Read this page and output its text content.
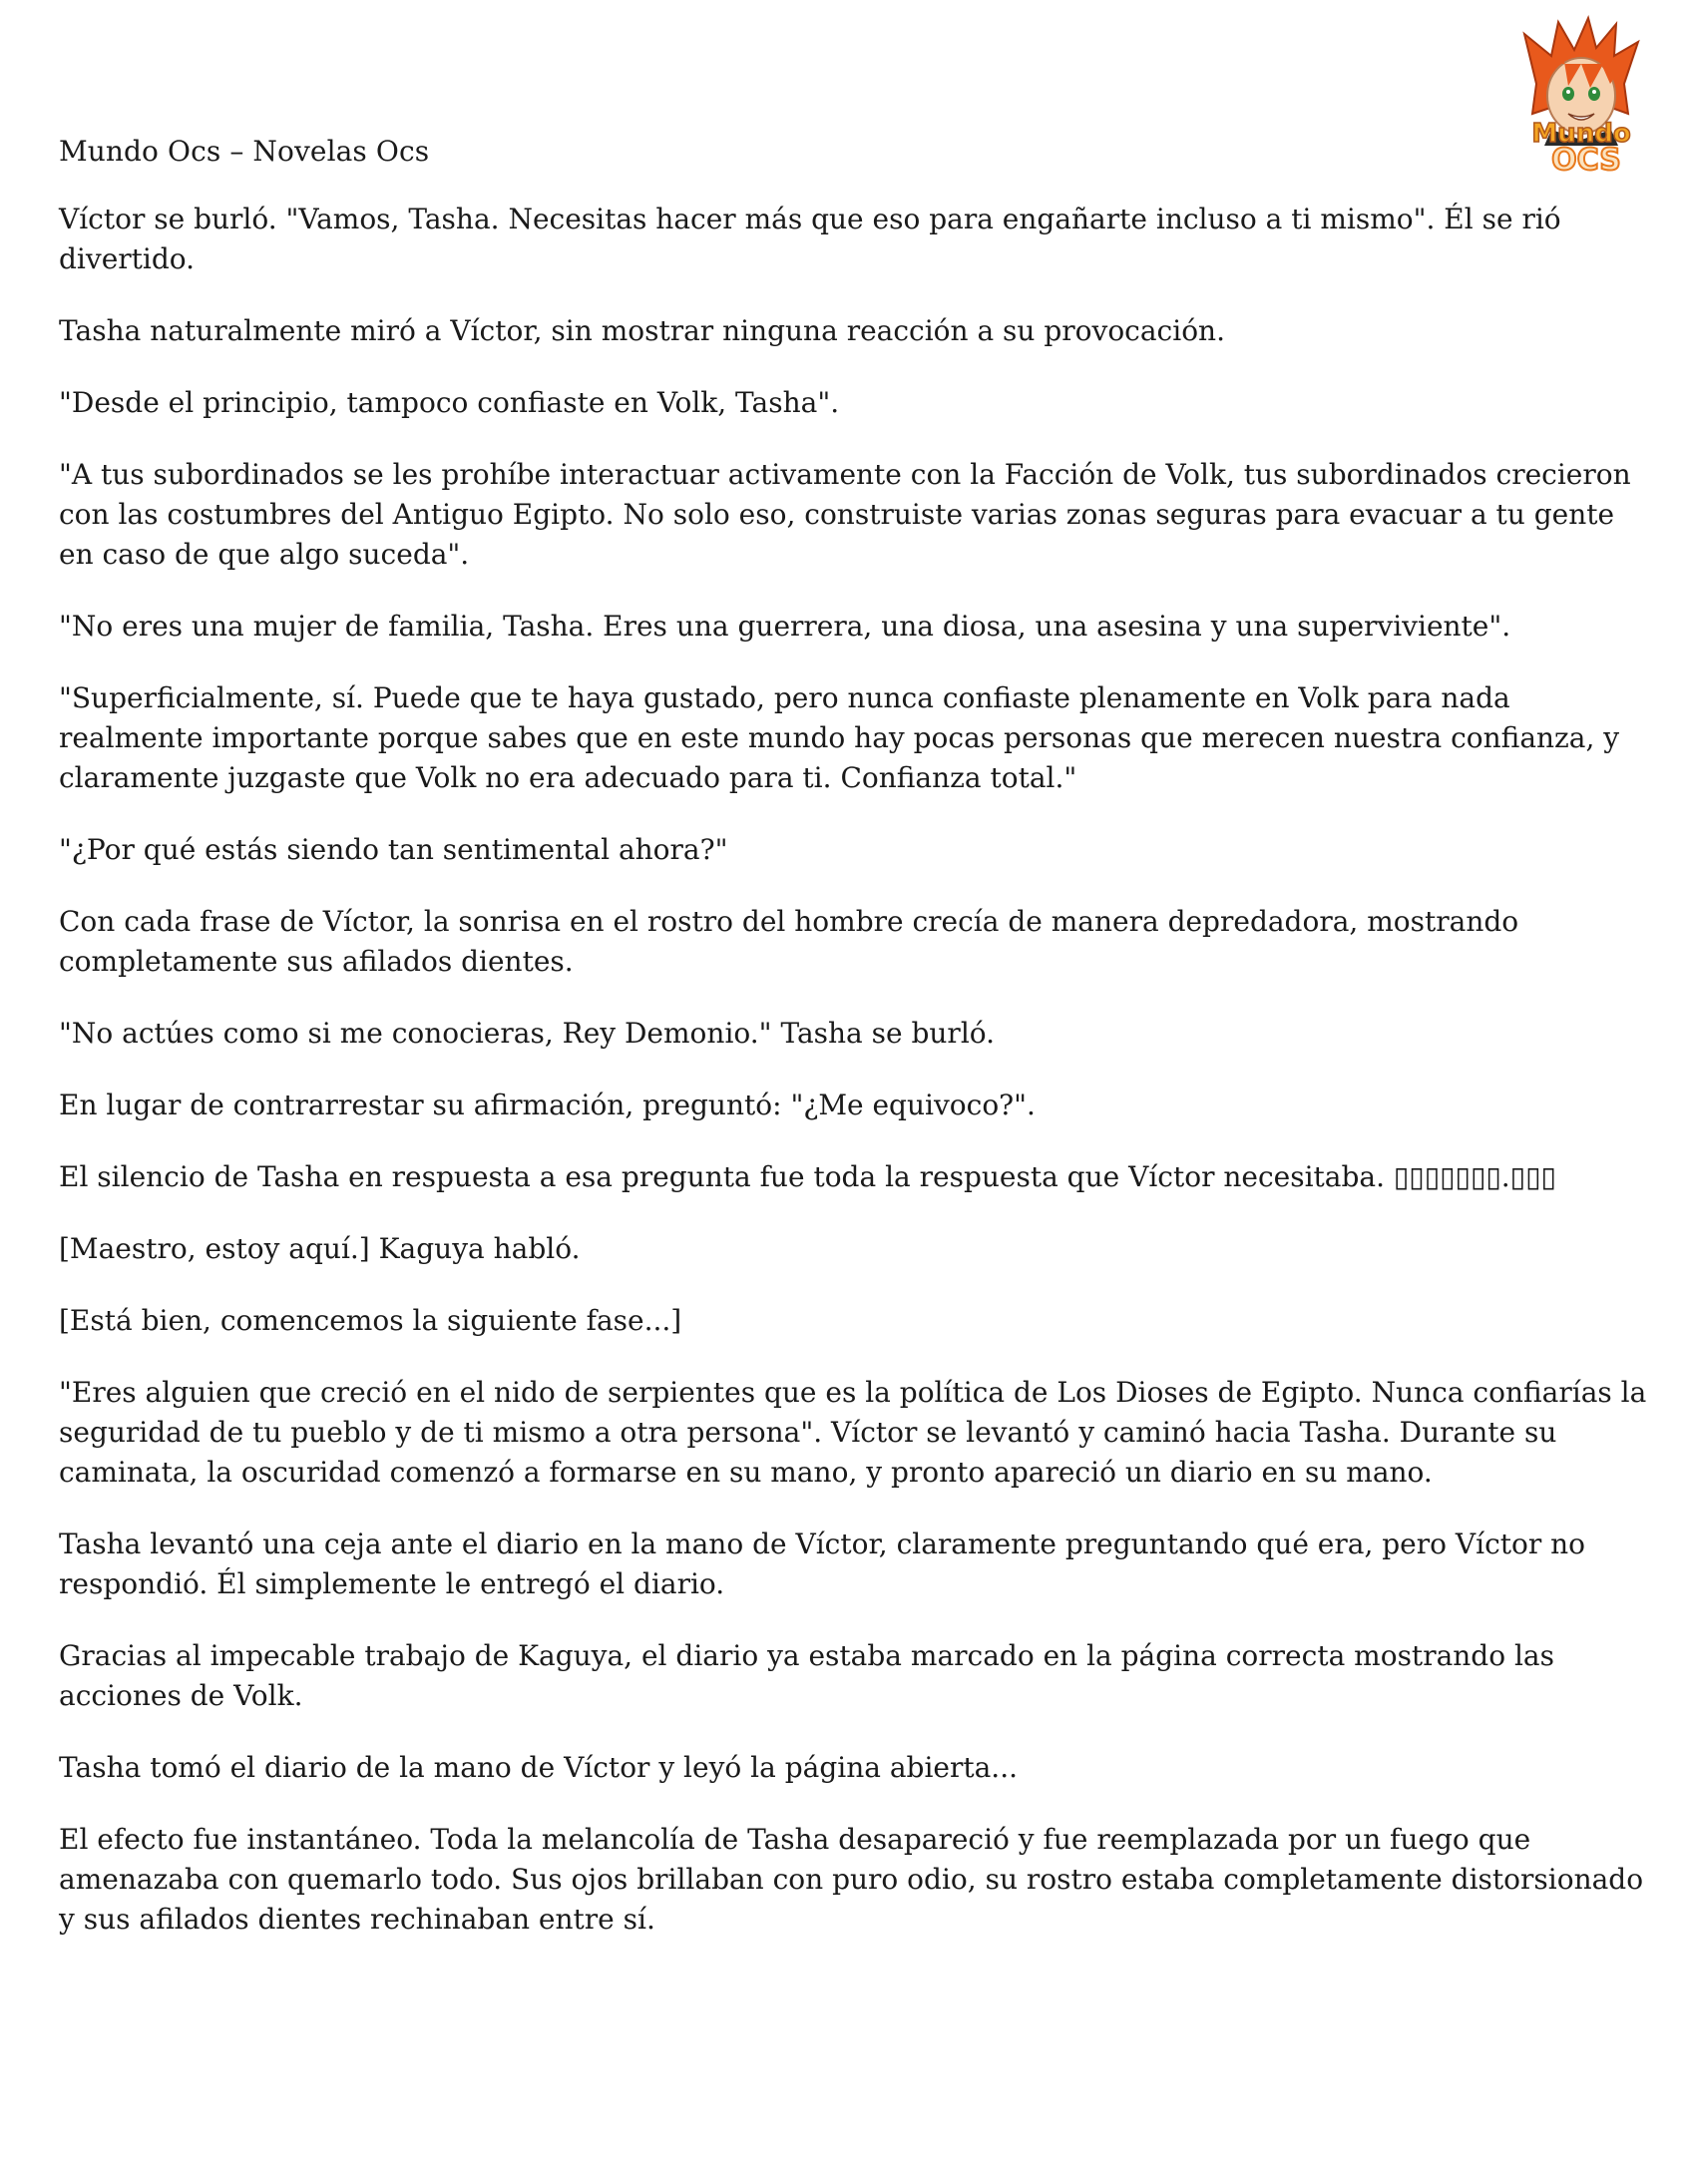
Mundo
OCS
Mundo Ocs – Novelas Ocs

Víctor se burló. "Vamos, Tasha. Necesitas hacer más que eso para engañarte incluso a ti mismo". Él se rió divertido.

Tasha naturalmente miró a Víctor, sin mostrar ninguna reacción a su provocación.

"Desde el principio, tampoco confiaste en Volk, Tasha".

"A tus subordinados se les prohíbe interactuar activamente con la Facción de Volk, tus subordinados crecieron con las costumbres del Antiguo Egipto. No solo eso, construiste varias zonas seguras para evacuar a tu gente en caso de que algo suceda".

"No eres una mujer de familia, Tasha. Eres una guerrera, una diosa, una asesina y una superviviente".

"Superficialmente, sí. Puede que te haya gustado, pero nunca confiaste plenamente en Volk para nada realmente importante porque sabes que en este mundo hay pocas personas que merecen nuestra confianza, y claramente juzgaste que Volk no era adecuado para ti. Confianza total."

"¿Por qué estás siendo tan sentimental ahora?"

Con cada frase de Víctor, la sonrisa en el rostro del hombre crecía de manera depredadora, mostrando completamente sus afilados dientes.

"No actúes como si me conocieras, Rey Demonio." Tasha se burló.

En lugar de contrarrestar su afirmación, preguntó: "¿Me equivoco?".

El silencio de Tasha en respuesta a esa pregunta fue toda la respuesta que Víctor necesitaba. ▯▯▯▯▯▯▯.▯▯▯

[Maestro, estoy aquí.] Kaguya habló.

[Está bien, comencemos la siguiente fase...]

"Eres alguien que creció en el nido de serpientes que es la política de Los Dioses de Egipto. Nunca confiarías la seguridad de tu pueblo y de ti mismo a otra persona". Víctor se levantó y caminó hacia Tasha. Durante su caminata, la oscuridad comenzó a formarse en su mano, y pronto apareció un diario en su mano.

Tasha levantó una ceja ante el diario en la mano de Víctor, claramente preguntando qué era, pero Víctor no respondió. Él simplemente le entregó el diario.

Gracias al impecable trabajo de Kaguya, el diario ya estaba marcado en la página correcta mostrando las acciones de Volk.

Tasha tomó el diario de la mano de Víctor y leyó la página abierta...

El efecto fue instantáneo. Toda la melancolía de Tasha desapareció y fue reemplazada por un fuego que amenazaba con quemarlo todo. Sus ojos brillaban con puro odio, su rostro estaba completamente distorsionado y sus afilados dientes rechinaban entre sí.
